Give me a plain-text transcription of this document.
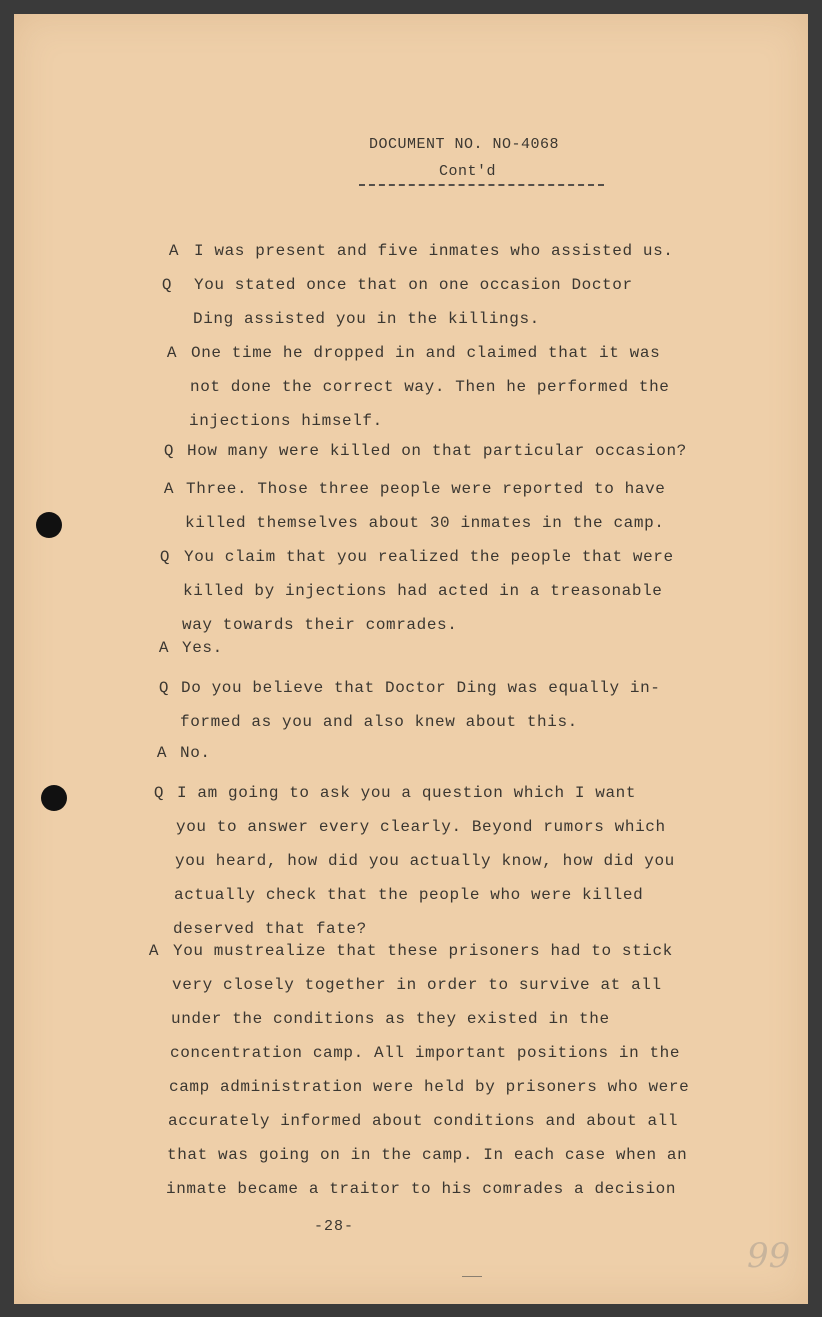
DOCUMENT NO. NO-4068
Cont'd
A I was present and five inmates who assisted us.
Q	You stated once that on one occasion Doctor
Ding assisted you in the killings.
A One time he dropped in and claimed that it was
not done the correct way. Then he performed the
injections himself.
Q How many were killed on that particular occasion?
A Three. Those three people were reported to have
killed themselves about 30 inmates in the camp.
Q You claim that you realized the people that were
killed by injections had acted in a treasonable
way towards their comrades.
A Yes.
Q Do you believe that Doctor Ding was equally in-
formed as you and also knew about this.
A No.
Q I am going to ask you a question which I want
you to answer every clearly. Beyond rumors which
you heard, how did you actually know, how did you
actually check that the people who were killed
deserved that fate?
A You mustrealize that these prisoners had to stick
very closely together in order to survive at all
under the conditions as they existed in the
concentration camp. All important positions in the
camp administration were held by prisoners who were
accurately informed about conditions and about all
that was going on in the camp. In each case when an
inmate became a traitor to his comrades a decision
-28-
99
